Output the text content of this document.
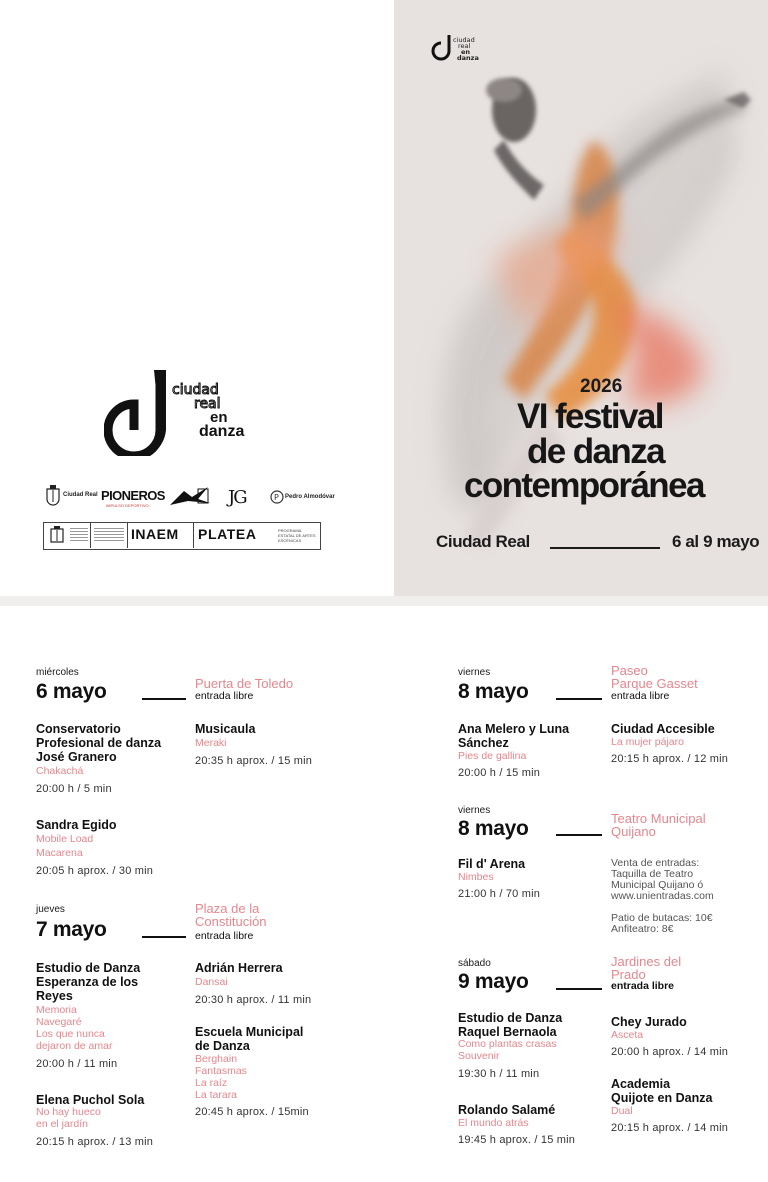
ciudad
real
en
danza
Ciudad Real PIONEROS
IMPULSO DEPORTIVO	JG	P Pedro Almodóvar
INAEM PLATEA	PROGRAMA ESTATAL DE ARTES ESCÉNICAS
ciudad
real
en
danza
2026
VI festival
de danza
contemporánea
Ciudad Real	6 al 9 mayo
miércoles
6 mayo	Puerta de Toledo
entrada libre
Conservatorio
Profesional de danza
José Granero
Chakachá
20:00 h / 5 min
Sandra Egido
Mobile Load
Macarena
20:05 h aprox. / 30 min
Musicaula
Meraki
20:35 h aprox. / 15 min
jueves
7 mayo
Plaza de la
Constitución
entrada libre
Estudio de Danza
Esperanza de los
Reyes
Memoria
Navegaré
Los que nunca
dejaron de amar
20:00 h / 11 min
Elena Puchol Sola
No hay hueco
en el jardín
20:15 h aprox. / 13 min
Adrián Herrera
Dansai
20:30 h aprox. / 11 min
Escuela Municipal
de Danza
Berghain
Fantasmas
La raíz
La tarara
20:45 h aprox. / 15min
viernes
8 mayo
Paseo
Parque Gasset
entrada libre
Ana Melero y Luna
Sánchez
Pies de gallina
20:00 h / 15 min
Ciudad Accesible
La mujer pájaro
20:15 h aprox. / 12 min
viernes
8 mayo	Teatro Municipal
Quijano
Fil d' Arena
Nimbes
21:00 h / 70 min
Venta de entradas:
Taquilla de Teatro
Municipal Quijano ó
www.unientradas.com
Patio de butacas: 10€
Anfiteatro: 8€
sábado
9 mayo
Jardines del
Prado
entrada libre
Estudio de Danza
Raquel Bernaola
Como plantas crasas
Souvenir
19:30 h / 11 min
Rolando Salamé
El mundo atrás
19:45 h aprox. / 15 min
Chey Jurado
Asceta
20:00 h aprox. / 14 min
Academia
Quijote en Danza
Dual
20:15 h aprox. / 14 min
